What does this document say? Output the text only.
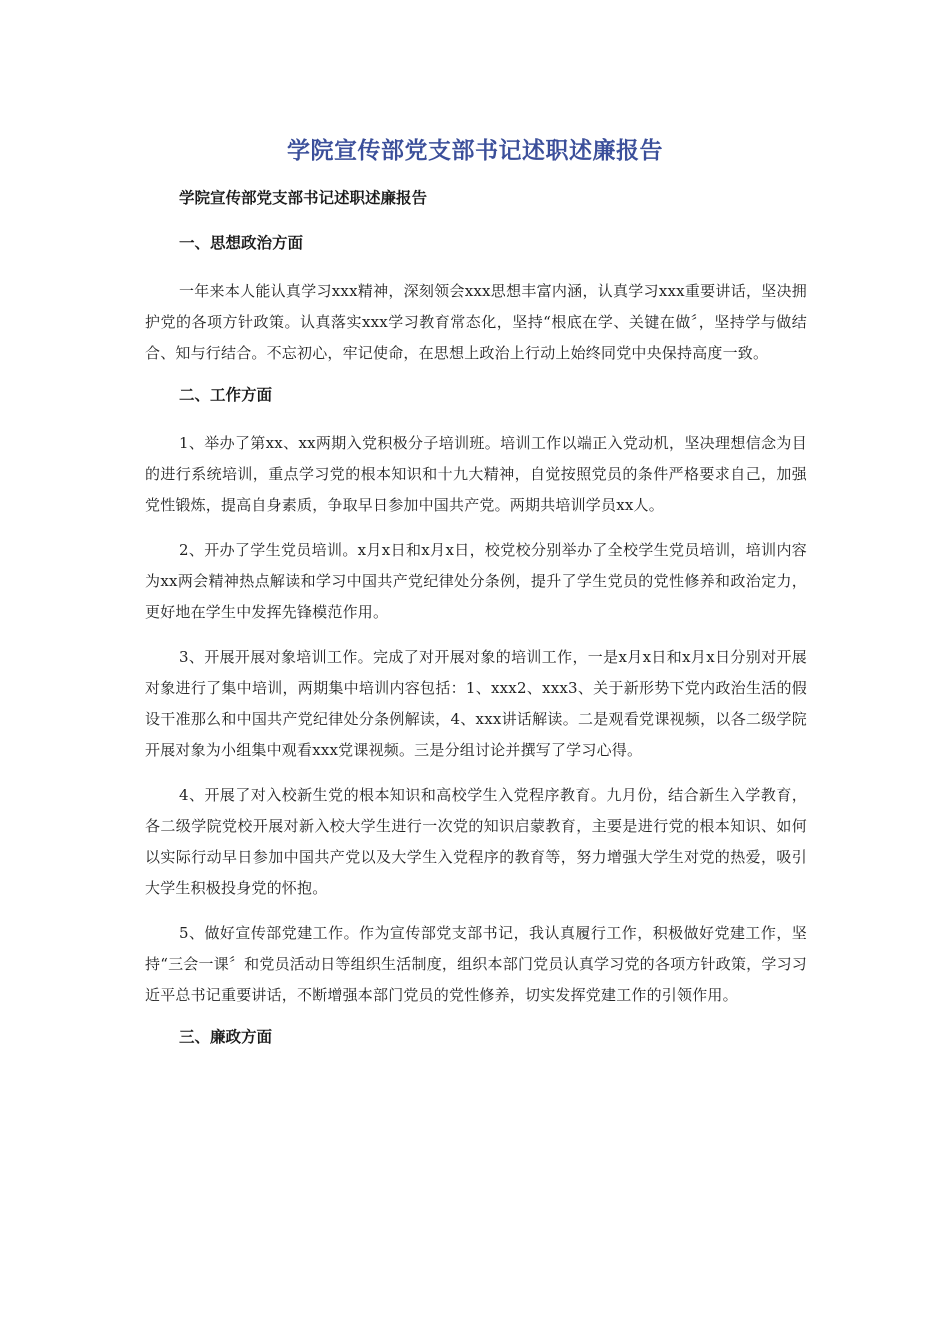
学院宣传部党支部书记述职述廉报告

学院宣传部党支部书记述职述廉报告

一、思想政治方面

一年来本人能认真学习xxx精神，深刻领会xxx思想丰富内涵，认真学习xxx重要讲话，坚决拥护党的各项方针政策。认真落实xxx学习教育常态化，坚持“根底在学、关键在做〞，坚持学与做结合、知与行结合。不忘初心，牢记使命，在思想上政治上行动上始终同党中央保持高度一致。

二、工作方面

1、举办了第xx、xx两期入党积极分子培训班。培训工作以端正入党动机，坚决理想信念为目的进行系统培训，重点学习党的根本知识和十九大精神，自觉按照党员的条件严格要求自己，加强党性锻炼，提高自身素质，争取早日参加中国共产党。两期共培训学员xx人。

2、开办了学生党员培训。x月x日和x月x日，校党校分别举办了全校学生党员培训，培训内容为xx两会精神热点解读和学习中国共产党纪律处分条例，提升了学生党员的党性修养和政治定力，更好地在学生中发挥先锋模范作用。

3、开展开展对象培训工作。完成了对开展对象的培训工作，一是x月x日和x月x日分别对开展对象进行了集中培训，两期集中培训内容包括：1、xxx2、xxx3、关于新形势下党内政治生活的假设干准那么和中国共产党纪律处分条例解读，4、xxx讲话解读。二是观看党课视频，以各二级学院开展对象为小组集中观看xxx党课视频。三是分组讨论并撰写了学习心得。

4、开展了对入校新生党的根本知识和高校学生入党程序教育。九月份，结合新生入学教育，各二级学院党校开展对新入校大学生进行一次党的知识启蒙教育，主要是进行党的根本知识、如何以实际行动早日参加中国共产党以及大学生入党程序的教育等，努力增强大学生对党的热爱，吸引大学生积极投身党的怀抱。

5、做好宣传部党建工作。作为宣传部党支部书记，我认真履行工作，积极做好党建工作，坚持“三会一课〞和党员活动日等组织生活制度，组织本部门党员认真学习党的各项方针政策，学习习近平总书记重要讲话，不断增强本部门党员的党性修养，切实发挥党建工作的引领作用。

三、廉政方面
